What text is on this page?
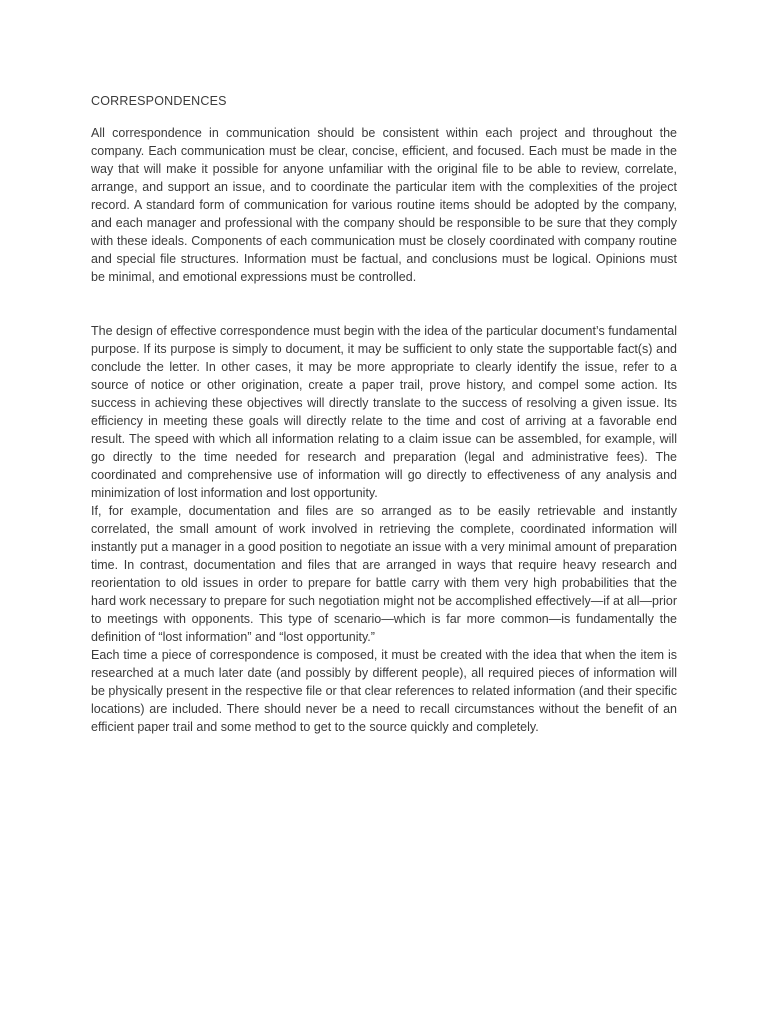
CORRESPONDENCES

All correspondence in communication should be consistent within each project and throughout the company. Each communication must be clear, concise, efficient, and focused. Each must be made in the way that will make it possible for anyone unfamiliar with the original file to be able to review, correlate, arrange, and support an issue, and to coordinate the particular item with the complexities of the project record. A standard form of communication for various routine items should be adopted by the company, and each manager and professional with the company should be responsible to be sure that they comply with these ideals. Components of each communication must be closely coordinated with company routine and special file structures. Information must be factual, and conclusions must be logical. Opinions must be minimal, and emotional expressions must be controlled.

The design of effective correspondence must begin with the idea of the particular document’s fundamental purpose. If its purpose is simply to document, it may be sufficient to only state the supportable fact(s) and conclude the letter. In other cases, it may be more appropriate to clearly identify the issue, refer to a source of notice or other origination, create a paper trail, prove history, and compel some action. Its success in achieving these objectives will directly translate to the success of resolving a given issue. Its efficiency in meeting these goals will directly relate to the time and cost of arriving at a favorable end result. The speed with which all information relating to a claim issue can be assembled, for example, will go directly to the time needed for research and preparation (legal and administrative fees). The coordinated and comprehensive use of information will go directly to effectiveness of any analysis and minimization of lost information and lost opportunity.

If, for example, documentation and files are so arranged as to be easily retrievable and instantly correlated, the small amount of work involved in retrieving the complete, coordinated information will instantly put a manager in a good position to negotiate an issue with a very minimal amount of preparation time. In contrast, documentation and files that are arranged in ways that require heavy research and reorientation to old issues in order to prepare for battle carry with them very high probabilities that the hard work necessary to prepare for such negotiation might not be accomplished effectively—if at all—prior to meetings with opponents. This type of scenario—which is far more common—is fundamentally the definition of “lost information” and “lost opportunity.”

Each time a piece of correspondence is composed, it must be created with the idea that when the item is researched at a much later date (and possibly by different people), all required pieces of information will be physically present in the respective file or that clear references to related information (and their specific locations) are included. There should never be a need to recall circumstances without the benefit of an efficient paper trail and some method to get to the source quickly and completely.
